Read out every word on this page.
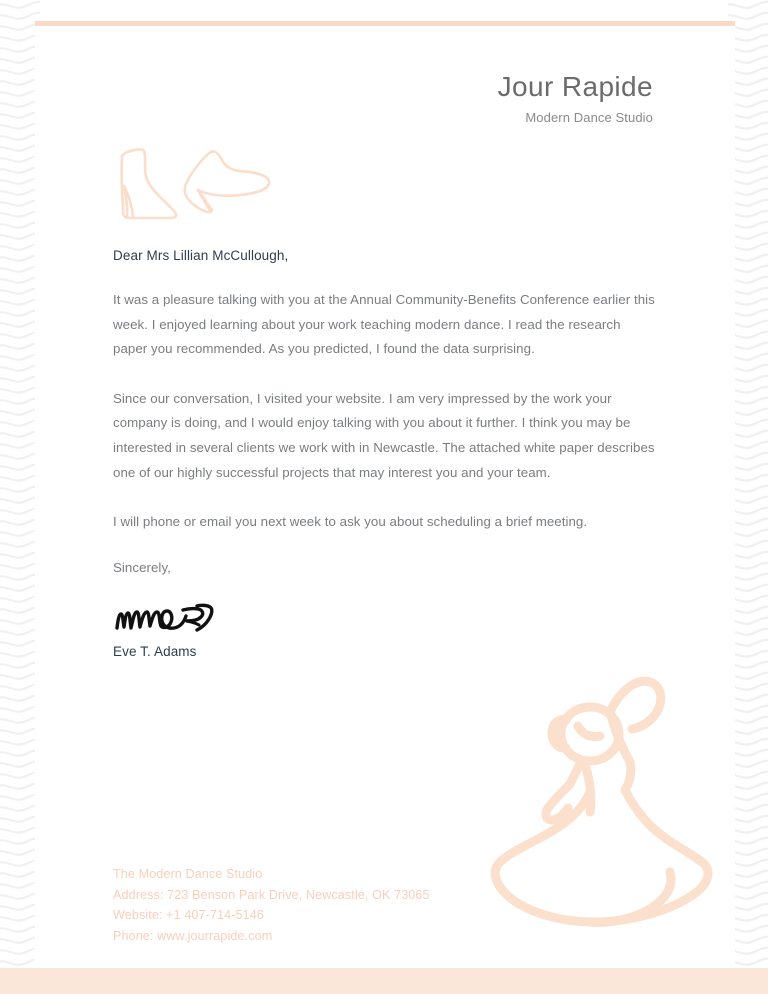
Jour Rapide
Modern Dance Studio

Dear Mrs Lillian McCullough,

It was a pleasure talking with you at the Annual Community-Benefits Conference earlier this week. I enjoyed learning about your work teaching modern dance. I read the research paper you recommended. As you predicted, I found the data surprising.

Since our conversation, I visited your website. I am very impressed by the work your company is doing, and I would enjoy talking with you about it further. I think you may be interested in several clients we work with in Newcastle. The attached white paper describes one of our highly successful projects that may interest you and your team.

I will phone or email you next week to ask you about scheduling a brief meeting.

Sincerely,

Eve T. Adams
The Modern Dance Studio
Address: 723 Benson Park Drive, Newcastle, OK 73065
Website: +1 407-714-5146
Phone: www.jourrapide.com
